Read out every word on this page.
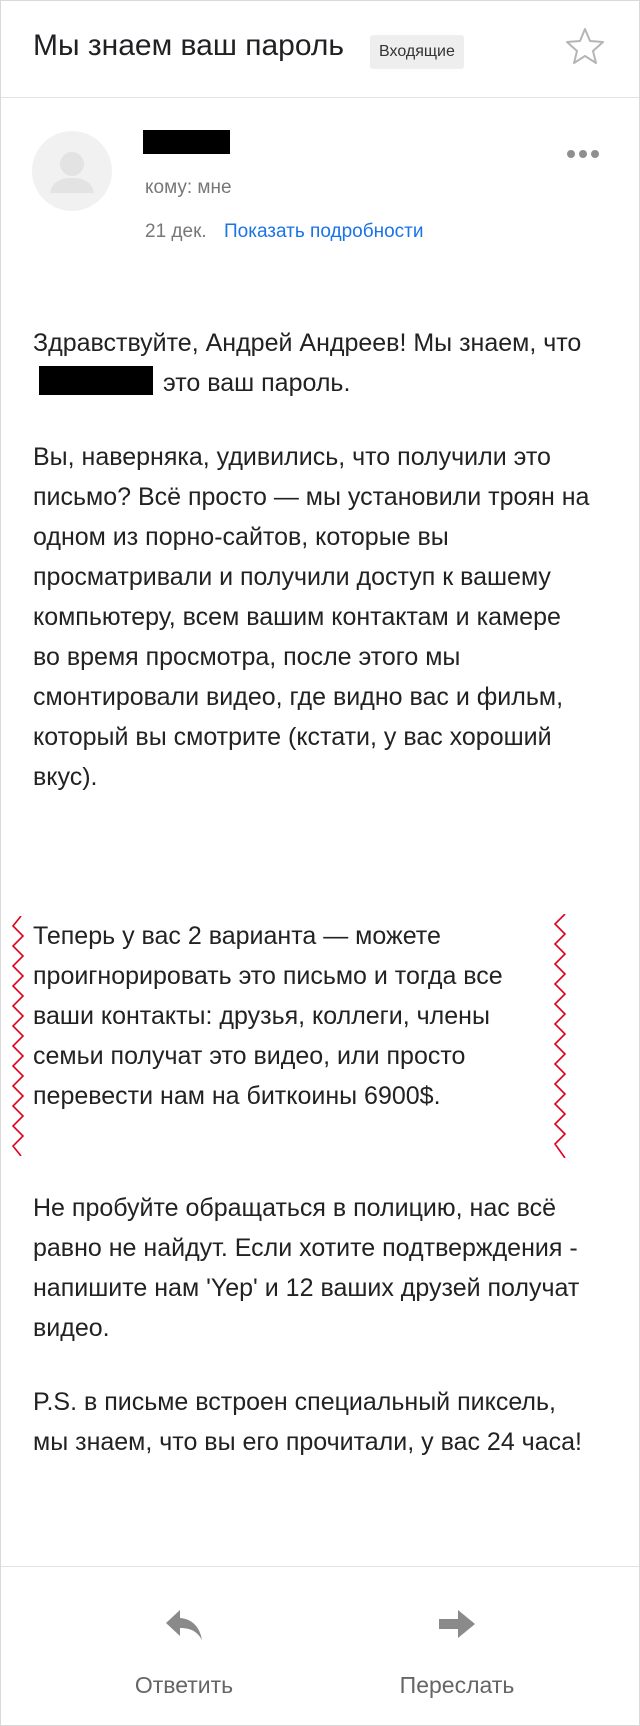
Мы знаем ваш пароль	Входящие
кому: мне
21 дек. Показать подробности

Здравствуйте, Андрей Андреев! Мы знаем, чтоэто ваш пароль.

Вы, наверняка, удивились, что получили это письмо? Всё просто — мы установили троян на одном из порно-сайтов, которые вы просматривали и получили доступ к вашему компьютеру, всем вашим контактам и камере во время просмотра, после этого мы смонтировали видео, где видно вас и фильм, который вы смотрите (кстати, у вас хороший вкус).

Теперь у вас 2 варианта — можете проигнорировать это письмо и тогда все ваши контакты: друзья, коллеги, члены семьи получат это видео, или просто перевести нам на биткоины 6900$.

Не пробуйте обращаться в полицию, нас всё равно не найдут. Если хотите подтверждения - напишите нам 'Yep' и 12 ваших друзей получат видео.

P.S. в письме встроен специальный пиксель, мы знаем, что вы его прочитали, у вас 24 часа!

Ответить	Переслать
